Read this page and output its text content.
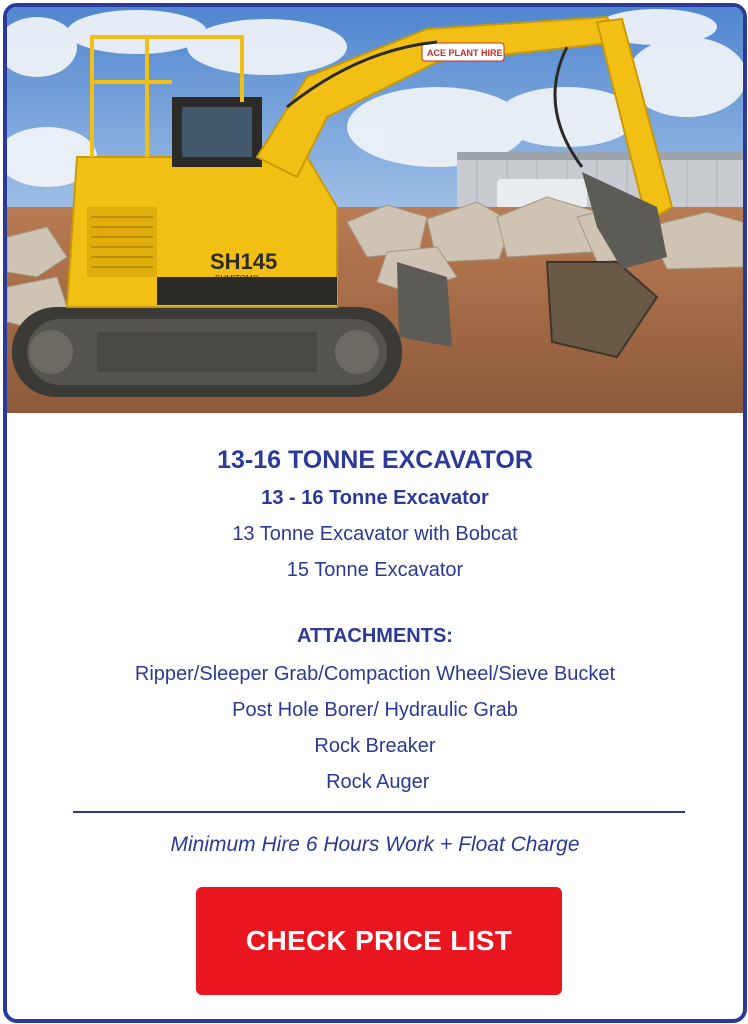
SH145
SUMITOMO
ACE PLANT HIRE
13-16 TONNE EXCAVATOR
13 - 16 Tonne Excavator
13 Tonne Excavator with Bobcat
15 Tonne Excavator
ATTACHMENTS:
Ripper/Sleeper Grab/Compaction Wheel/Sieve Bucket
Post Hole Borer/ Hydraulic Grab
Rock Breaker
Rock Auger
Minimum Hire 6 Hours Work + Float Charge
CHECK PRICE LIST
